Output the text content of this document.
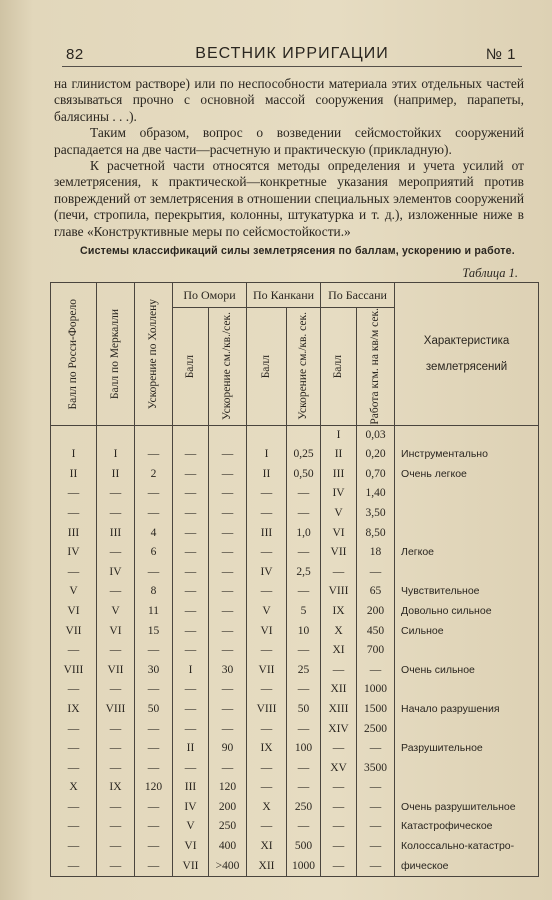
82	ВЕСТНИК ИРРИГАЦИИ	№ 1

на глинистом растворе) или по неспособности материала этих отдельных частей связываться прочно с основной массой сооружения (например, парапеты, балясины . . .).

Таким образом, вопрос о возведении сейсмостойких сооружений распадается на две части—расчетную и практическую (прикладную).

К расчетной части относятся методы определения и учета усилий от землетрясения, к практической—конкретные указания мероприятий против повреждений от землетрясения в отношении специальных элементов сооружений (печи, стропила, перекрытия, колонны, штукатурка и т. д.), изложенные ниже в главе «Конструктивные меры по сейсмостойкости.»

Системы классификаций силы землетрясения по баллам, ускорению и работе.
Таблица 1.
Балл по Росси-Форело	Балл по Меркалли	Ускорение по Холлену	По Омори		По Канкани		По Бассани		Характеристика землетрясений

			Балл	Ускорение см./кв./сек.	Балл	Ускорение см./кв. сек.	Балл	Работа кгм. на кв/м сек.	

							I	0,03	
I	I	—	—	—	I	0,25	II	0,20	Инструментально
II	II	2	—	—	II	0,50	III	0,70	Очень легкое
—	—	—	—	—	—	—	IV	1,40	
—	—	—	—	—	—	—	V	3,50	
III	III	4	—	—	III	1,0	VI	8,50	
IV	—	6	—	—	—	—	VII	18	Легкое
—	IV	—	—	—	IV	2,5	—	—	
V	—	8	—	—	—	—	VIII	65	Чувствительное
VI	V	11	—	—	V	5	IX	200	Довольно сильное
VII	VI	15	—	—	VI	10	X	450	Сильное
—	—	—	—	—	—	—	XI	700	
VIII	VII	30	I	30	VII	25	—	—	Очень сильное
—	—	—	—	—	—	—	XII	1000	
IX	VIII	50	—	—	VIII	50	XIII	1500	Начало разрушения
—	—	—	—	—	—	—	XIV	2500	
—	—	—	II	90	IX	100	—	—	Разрушительное
—	—	—	—	—	—	—	XV	3500	
X	IX	120	III	120	—	—	—	—	
—	—	—	IV	200	X	250	—	—	Очень разрушительное
—	—	—	V	250	—	—	—	—	Катастрофическое
—	—	—	VI	400	XI	500	—	—	Колоссально-катастро-
—	—	—	VII	>400	XII	1000	—	—	фическое
